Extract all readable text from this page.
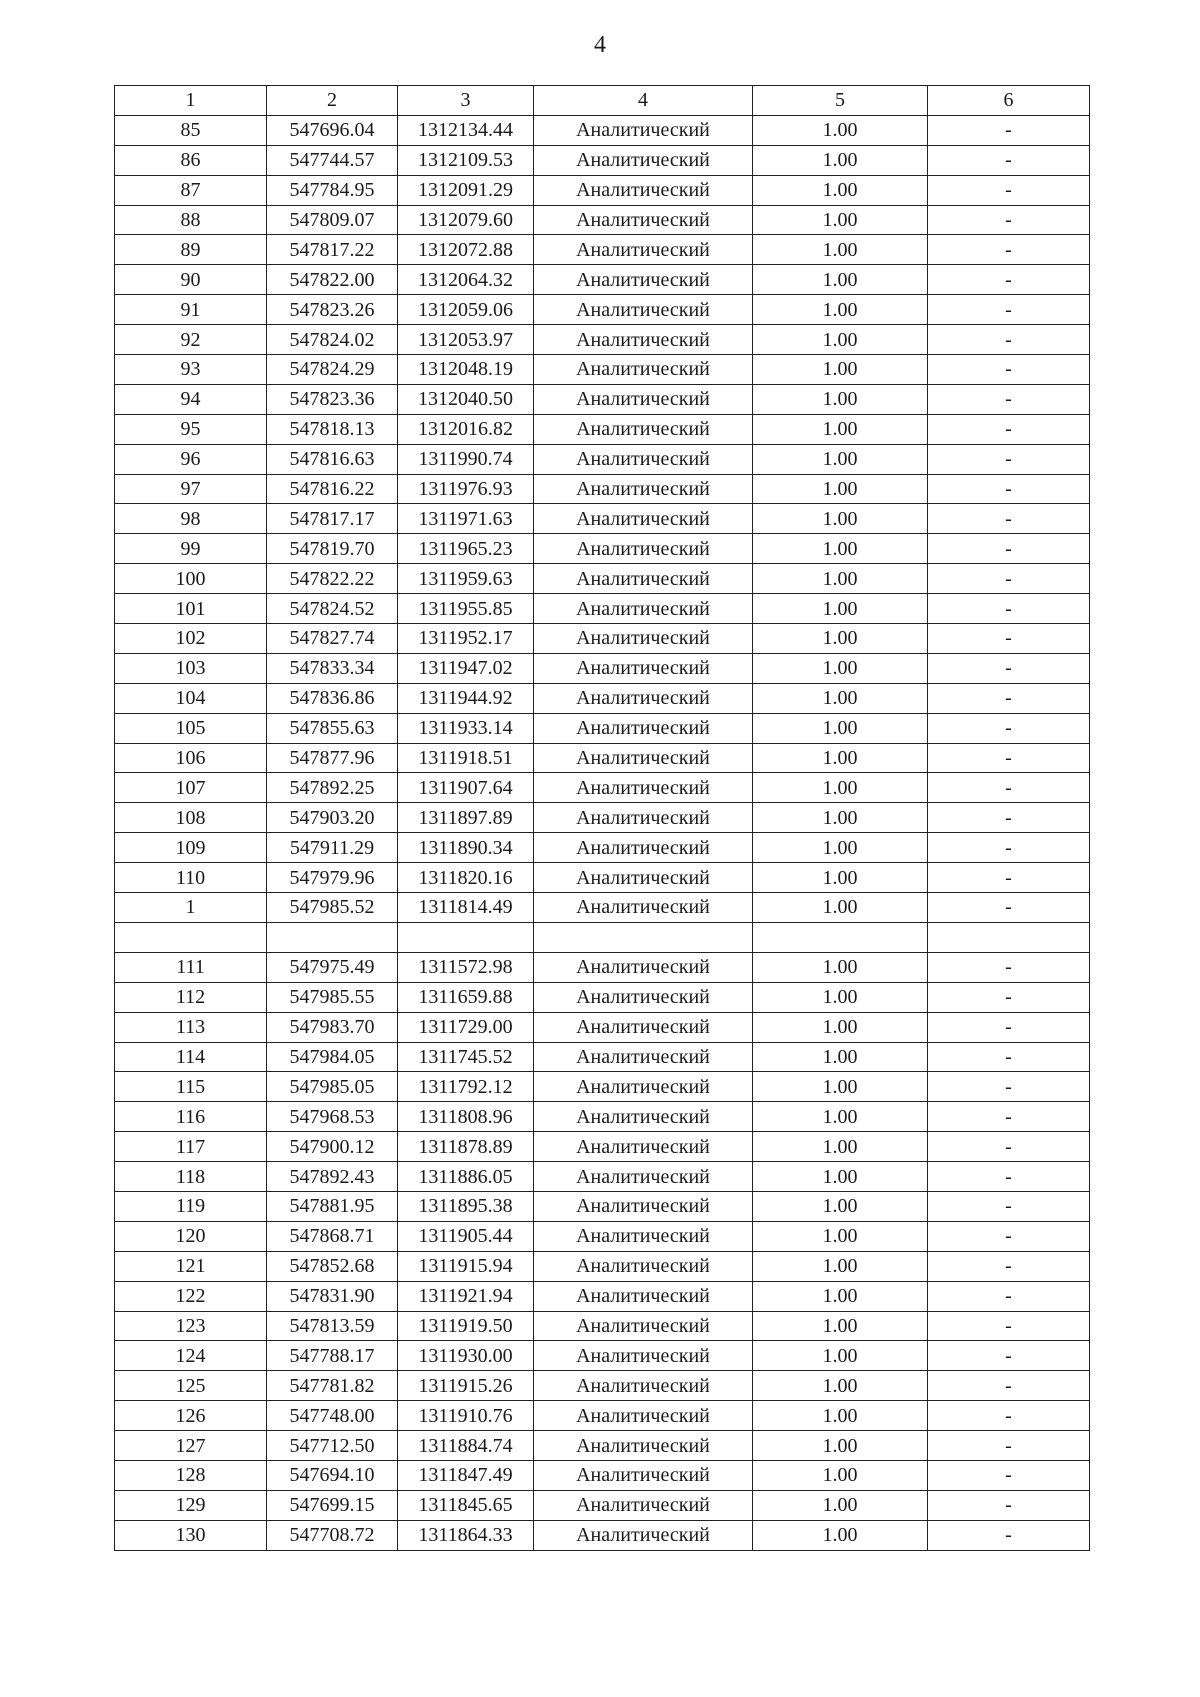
4
1	2	3	4	5	6
85	547696.04	1312134.44	Аналитический	1.00	-
86	547744.57	1312109.53	Аналитический	1.00	-
87	547784.95	1312091.29	Аналитический	1.00	-
88	547809.07	1312079.60	Аналитический	1.00	-
89	547817.22	1312072.88	Аналитический	1.00	-
90	547822.00	1312064.32	Аналитический	1.00	-
91	547823.26	1312059.06	Аналитический	1.00	-
92	547824.02	1312053.97	Аналитический	1.00	-
93	547824.29	1312048.19	Аналитический	1.00	-
94	547823.36	1312040.50	Аналитический	1.00	-
95	547818.13	1312016.82	Аналитический	1.00	-
96	547816.63	1311990.74	Аналитический	1.00	-
97	547816.22	1311976.93	Аналитический	1.00	-
98	547817.17	1311971.63	Аналитический	1.00	-
99	547819.70	1311965.23	Аналитический	1.00	-
100	547822.22	1311959.63	Аналитический	1.00	-
101	547824.52	1311955.85	Аналитический	1.00	-
102	547827.74	1311952.17	Аналитический	1.00	-
103	547833.34	1311947.02	Аналитический	1.00	-
104	547836.86	1311944.92	Аналитический	1.00	-
105	547855.63	1311933.14	Аналитический	1.00	-
106	547877.96	1311918.51	Аналитический	1.00	-
107	547892.25	1311907.64	Аналитический	1.00	-
108	547903.20	1311897.89	Аналитический	1.00	-
109	547911.29	1311890.34	Аналитический	1.00	-
110	547979.96	1311820.16	Аналитический	1.00	-
1	547985.52	1311814.49	Аналитический	1.00	-

111	547975.49	1311572.98	Аналитический	1.00	-
112	547985.55	1311659.88	Аналитический	1.00	-
113	547983.70	1311729.00	Аналитический	1.00	-
114	547984.05	1311745.52	Аналитический	1.00	-
115	547985.05	1311792.12	Аналитический	1.00	-
116	547968.53	1311808.96	Аналитический	1.00	-
117	547900.12	1311878.89	Аналитический	1.00	-
118	547892.43	1311886.05	Аналитический	1.00	-
119	547881.95	1311895.38	Аналитический	1.00	-
120	547868.71	1311905.44	Аналитический	1.00	-
121	547852.68	1311915.94	Аналитический	1.00	-
122	547831.90	1311921.94	Аналитический	1.00	-
123	547813.59	1311919.50	Аналитический	1.00	-
124	547788.17	1311930.00	Аналитический	1.00	-
125	547781.82	1311915.26	Аналитический	1.00	-
126	547748.00	1311910.76	Аналитический	1.00	-
127	547712.50	1311884.74	Аналитический	1.00	-
128	547694.10	1311847.49	Аналитический	1.00	-
129	547699.15	1311845.65	Аналитический	1.00	-
130	547708.72	1311864.33	Аналитический	1.00	-
